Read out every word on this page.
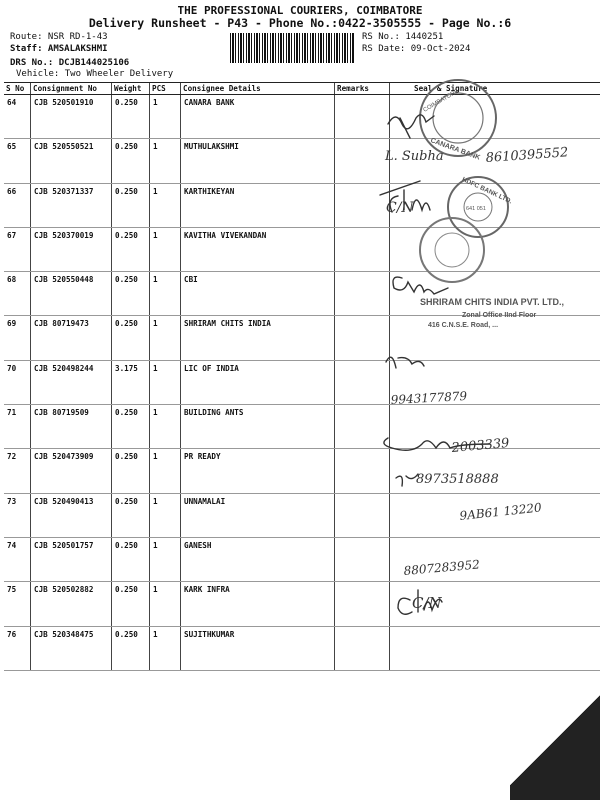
THE PROFESSIONAL COURIERS, COIMBATORE
Delivery Runsheet - P43 - Phone No.:0422-3505555 - Page No.:6
Route: NSR RD-1-43
Staff: AMSALAKSHMI
DRS No.: DCJB144025106
Vehicle: Two Wheeler Delivery
RS No.: 1440251
RS Date: 09-Oct-2024
S No	Consignment No	Weight	PCS	Consignee Details	Remarks	Seal & Signature
64	CJB 520501910	0.250	1	CANARA BANK		
65	CJB 520550521	0.250	1	MUTHULAKSHMI		
66	CJB 520371337	0.250	1	KARTHIKEYAN		
67	CJB 520370019	0.250	1	KAVITHA VIVEKANDAN		
68	CJB 520550448	0.250	1	CBI		
69	CJB 80719473	0.250	1	SHRIRAM CHITS INDIA		
70	CJB 520498244	3.175	1	LIC OF INDIA		
71	CJB 80719509	0.250	1	BUILDING ANTS		
72	CJB 520473909	0.250	1	PR READY		
73	CJB 520490413	0.250	1	UNNAMALAI		
74	CJB 520501757	0.250	1	GANESH		
75	CJB 520502882	0.250	1	KARK INFRA		
76	CJB 520348475	0.250	1	SUJITHKUMAR		
CANARA BANK
COIMBATORE
HDFC BANK LTD.
641 051
L. Subha	8610395552
9943177879
2003339
8973518888
9AB61 13220
8807283952
C/N
C/N
SHRIRAM CHITS INDIA PVT. LTD.,
Zonal Office IInd Floor
416 C.N.S.E. Road, ...
